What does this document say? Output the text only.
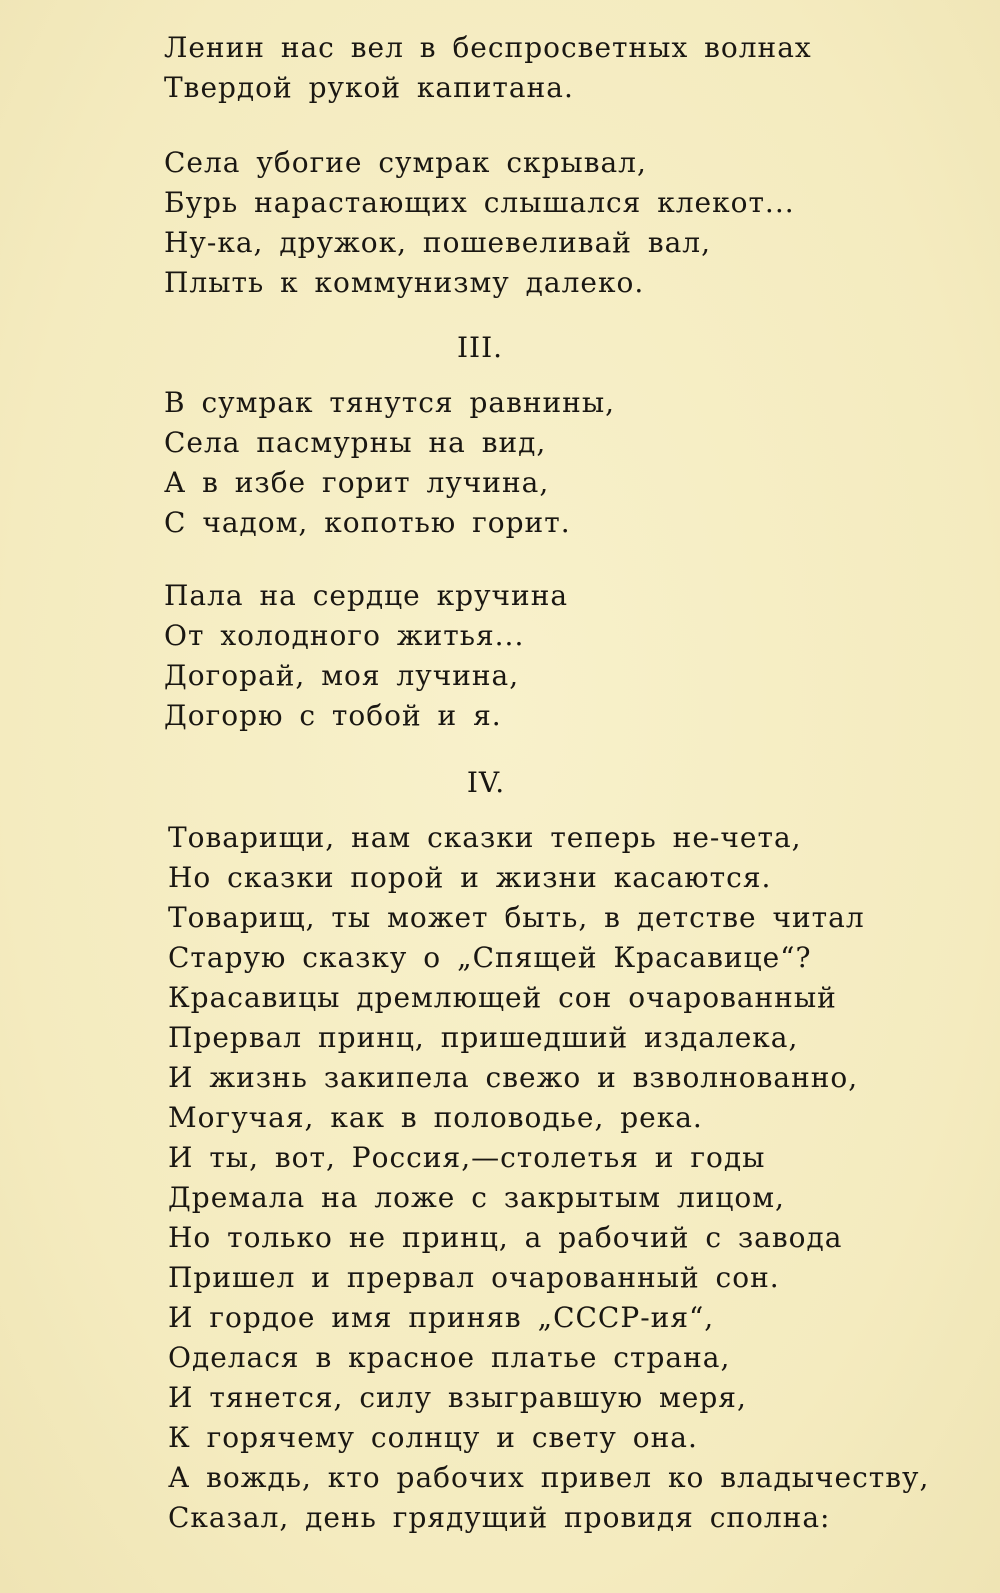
Ленин нас вел в беспросветных волнах
Твердой рукой капитана.
Села убогие сумрак скрывал,
Бурь нарастающих слышался клекот...
Ну-ка, дружок, пошевеливай вал,
Плыть к коммунизму далеко.
III.
В сумрак тянутся равнины,
Села пасмурны на вид,
А в избе горит лучина,
С чадом, копотью горит.
Пала на сердце кручина
От холодного житья...
Догорай, моя лучина,
Догорю с тобой и я.
IV.
Товарищи, нам сказки теперь не-чета,
Но сказки порой и жизни касаются.
Товарищ, ты может быть, в детстве читал
Старую сказку о „Спящей Красавице“?
Красавицы дремлющей сон очарованный
Прервал принц, пришедший издалека,
И жизнь закипела свежо и взволнованно,
Могучая, как в половодье, река.
И ты, вот, Россия,—столетья и годы
Дремала на ложе с закрытым лицом,
Но только не принц, а рабочий с завода
Пришел и прервал очарованный сон.
И гордое имя приняв „СССР-ия“,
Оделася в красное платье страна,
И тянется, силу взыгравшую меря,
К горячему солнцу и свету она.
А вождь, кто рабочих привел ко владычеству,
Сказал, день грядущий провидя сполна:
